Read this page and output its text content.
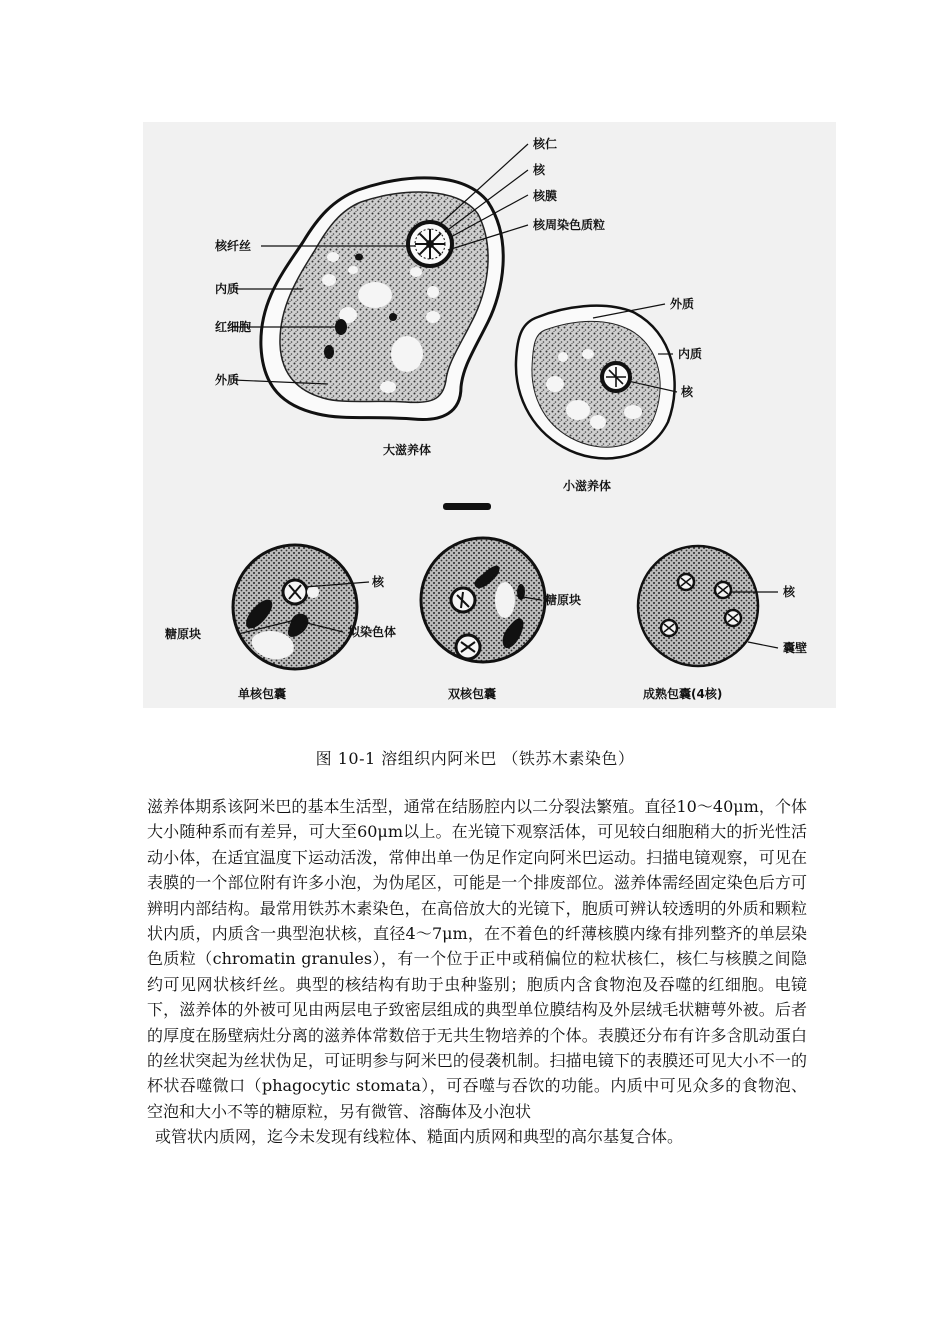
核仁
核
核膜
核周染色质粒
核纤丝
内质
红细胞
外质
大滋养体
外质
内质
核
小滋养体
核
糖原块	拟染色体
单核包囊
糖原块
双核包囊
核
囊壁
成熟包囊(4核)
图 10-1 溶组织内阿米巴 （铁苏木素染色）

滋养体期系该阿米巴的基本生活型，通常在结肠腔内以二分裂法繁殖。直径10～40μm，个体大小随种系而有差异，可大至60μm以上。在光镜下观察活体，可见较白细胞稍大的折光性活动小体，在适宜温度下运动活泼，常伸出单一伪足作定向阿米巴运动。扫描电镜观察，可见在表膜的一个部位附有许多小泡，为伪尾区，可能是一个排废部位。滋养体需经固定染色后方可辨明内部结构。最常用铁苏木素染色，在高倍放大的光镜下，胞质可辨认较透明的外质和颗粒状内质，内质含一典型泡状核，直径4～7μm，在不着色的纤薄核膜内缘有排列整齐的单层染色质粒（chromatin granules），有一个位于正中或稍偏位的粒状核仁，核仁与核膜之间隐约可见网状核纤丝。典型的核结构有助于虫种鉴别；胞质内含食物泡及吞噬的红细胞。电镜下，滋养体的外被可见由两层电子致密层组成的典型单位膜结构及外层绒毛状糖萼外被。后者的厚度在肠壁病灶分离的滋养体常数倍于无共生物培养的个体。表膜还分布有许多含肌动蛋白的丝状突起为丝状伪足，可证明参与阿米巴的侵袭机制。扫描电镜下的表膜还可见大小不一的杯状吞噬微口（phagocytic stomata），可吞噬与吞饮的功能。内质中可见众多的食物泡、空泡和大小不等的糖原粒，另有微管、溶酶体及小泡状

或管状内质网，迄今未发现有线粒体、糙面内质网和典型的高尔基复合体。
